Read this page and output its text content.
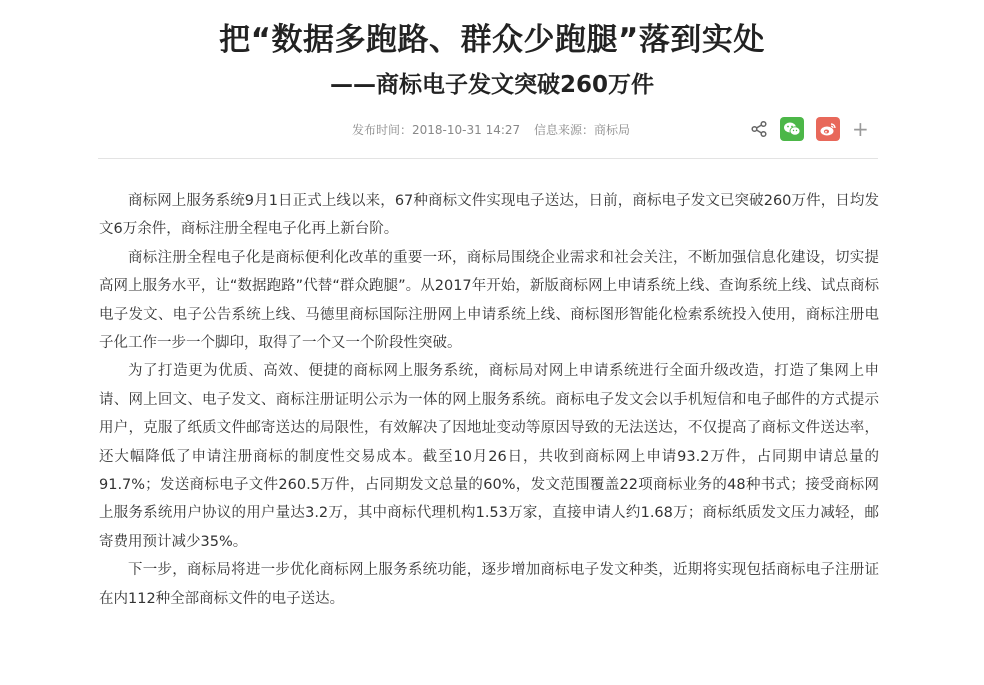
把“数据多跑路、群众少跑腿”落到实处
——商标电子发文突破260万件
发布时间：2018-10-31 14:27 信息来源：商标局	+

商标网上服务系统9月1日正式上线以来，67种商标文件实现电子送达，日前，商标电子发文已突破260万件，日均发文6万余件，商标注册全程电子化再上新台阶。

商标注册全程电子化是商标便利化改革的重要一环，商标局围绕企业需求和社会关注，不断加强信息化建设，切实提高网上服务水平，让“数据跑路”代替“群众跑腿”。从2017年开始，新版商标网上申请系统上线、查询系统上线、试点商标电子发文、电子公告系统上线、马德里商标国际注册网上申请系统上线、商标图形智能化检索系统投入使用，商标注册电子化工作一步一个脚印，取得了一个又一个阶段性突破。

为了打造更为优质、高效、便捷的商标网上服务系统，商标局对网上申请系统进行全面升级改造，打造了集网上申请、网上回文、电子发文、商标注册证明公示为一体的网上服务系统。商标电子发文会以手机短信和电子邮件的方式提示用户，克服了纸质文件邮寄送达的局限性，有效解决了因地址变动等原因导致的无法送达，不仅提高了商标文件送达率，还大幅降低了申请注册商标的制度性交易成本。截至10月26日，共收到商标网上申请93.2万件，占同期申请总量的91.7%；发送商标电子文件260.5万件，占同期发文总量的60%，发文范围覆盖22项商标业务的48种书式；接受商标网上服务系统用户协议的用户量达3.2万，其中商标代理机构1.53万家，直接申请人约1.68万；商标纸质发文压力减轻，邮寄费用预计减少35%。

下一步，商标局将进一步优化商标网上服务系统功能，逐步增加商标电子发文种类，近期将实现包括商标电子注册证在内112种全部商标文件的电子送达。
